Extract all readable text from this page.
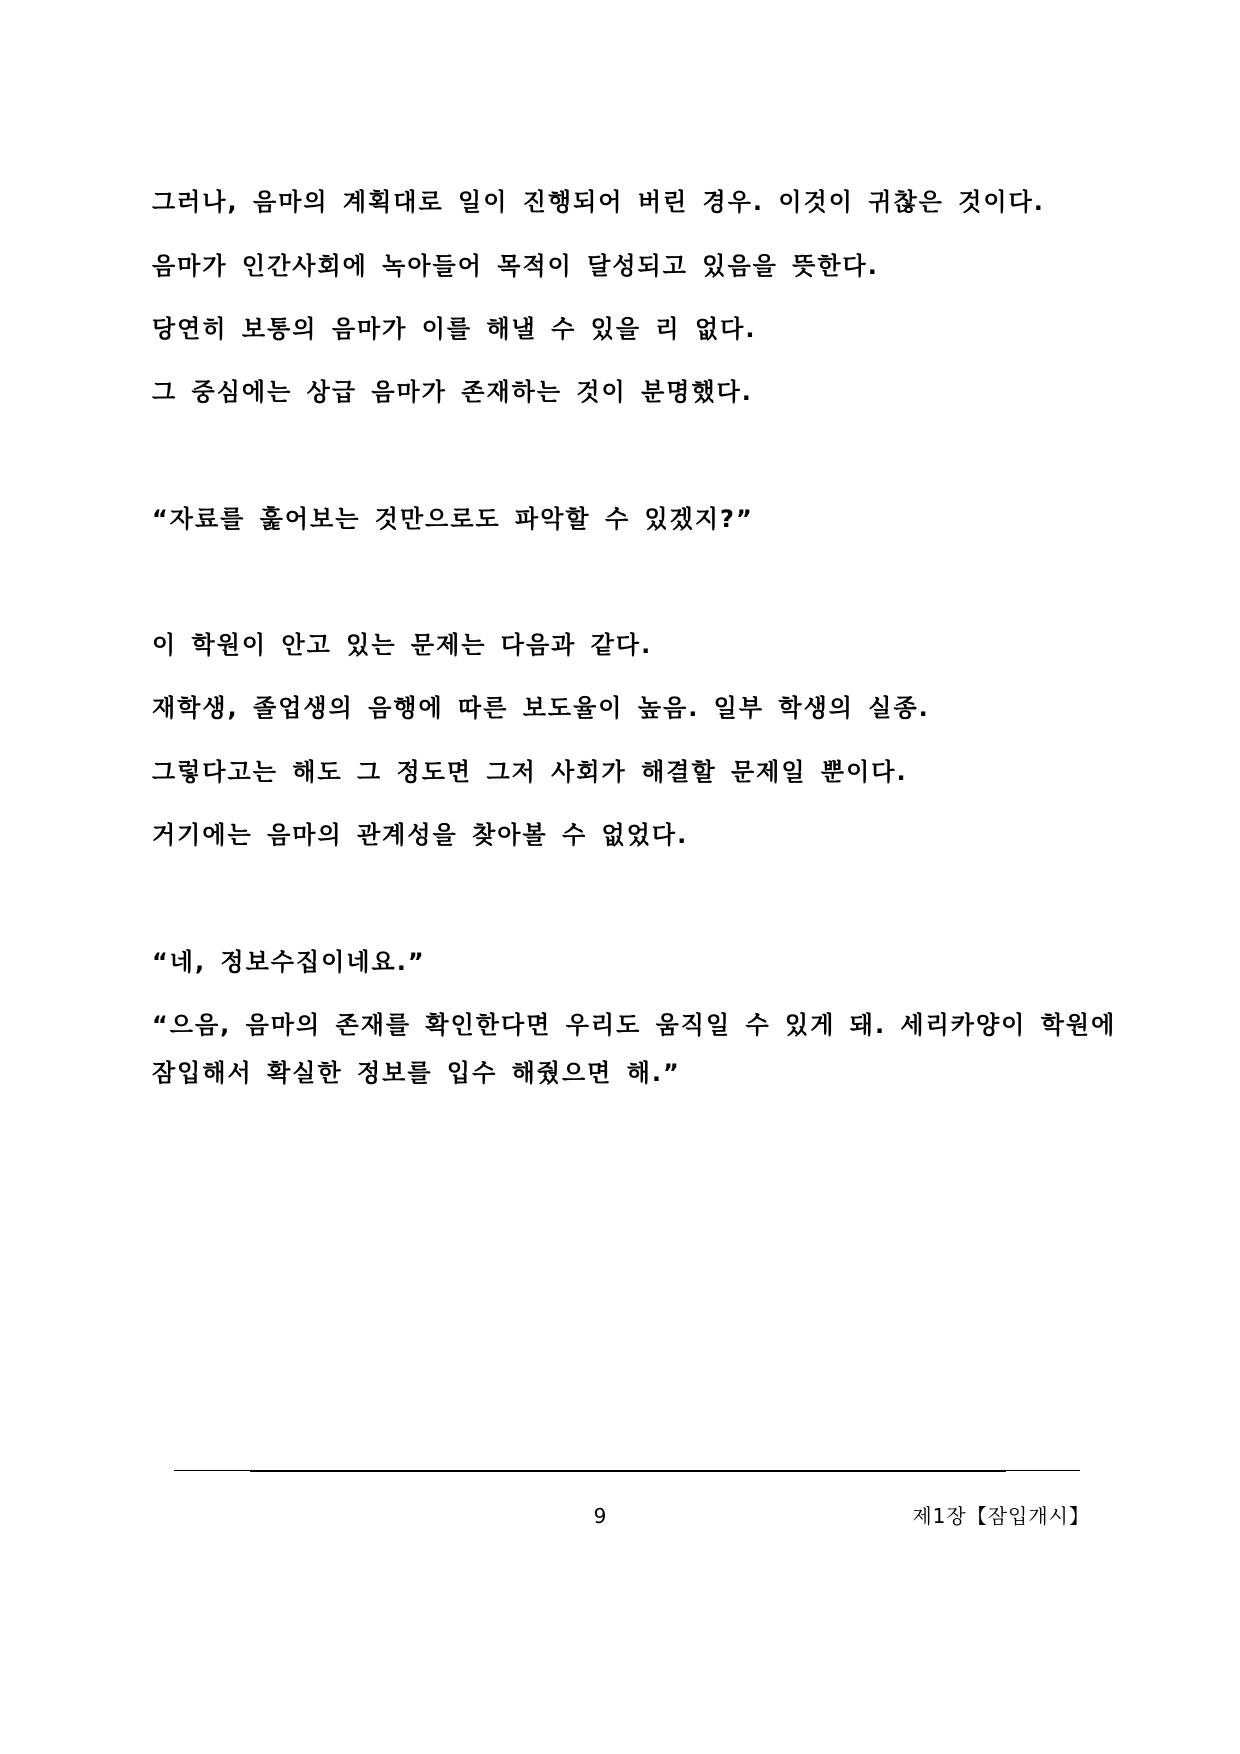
그러나, 음마의 계획대로 일이 진행되어 버린 경우. 이것이 귀찮은 것이다.
음마가 인간사회에 녹아들어 목적이 달성되고 있음을 뜻한다.
당연히 보통의 음마가 이를 해낼 수 있을 리 없다.
그 중심에는 상급 음마가 존재하는 것이 분명했다.
“자료를 훑어보는 것만으로도 파악할 수 있겠지?”
이 학원이 안고 있는 문제는 다음과 같다.
재학생, 졸업생의 음행에 따른 보도율이 높음. 일부 학생의 실종.
그렇다고는 해도 그 정도면 그저 사회가 해결할 문제일 뿐이다.
거기에는 음마의 관계성을 찾아볼 수 없었다.
“네, 정보수집이네요.”
“으음, 음마의 존재를 확인한다면 우리도 움직일 수 있게 돼. 세리카양이 학원에
잠입해서 확실한 정보를 입수 해줬으면 해.”
9	제1장【잠입개시】
